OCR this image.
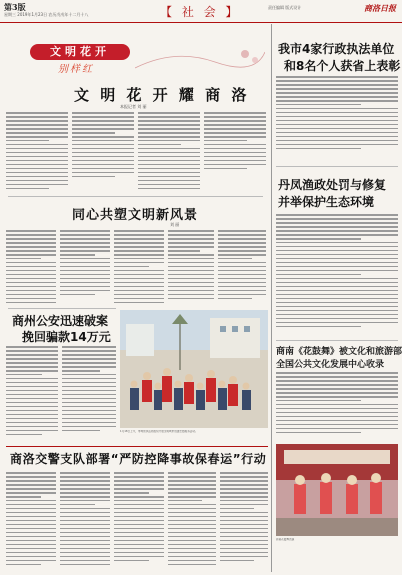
第3版
星期三 2019年1月23日 农历戊戌年十二月十八	【 社 会 】	责任编辑 版式设计	商洛日报
文明花开
别样红
文 明 花 开 耀 商 洛
本报记者 刘 丽
同心共塑文明新风景
刘 丽
商州公安迅速破案
挽回骗款14万元
1月18日上午，市城管执法局组织开展文明城市创建志愿服务活动。
商洛交警支队部署“严防控降事故保春运”行动
我市4家行政执法单位
和8名个人获省上表彰
丹凤渔政处罚与修复
并举保护生态环境
商南《花鼓舞》被文化和旅游部
全国公共文化发展中心收录
商南花鼓舞表演
